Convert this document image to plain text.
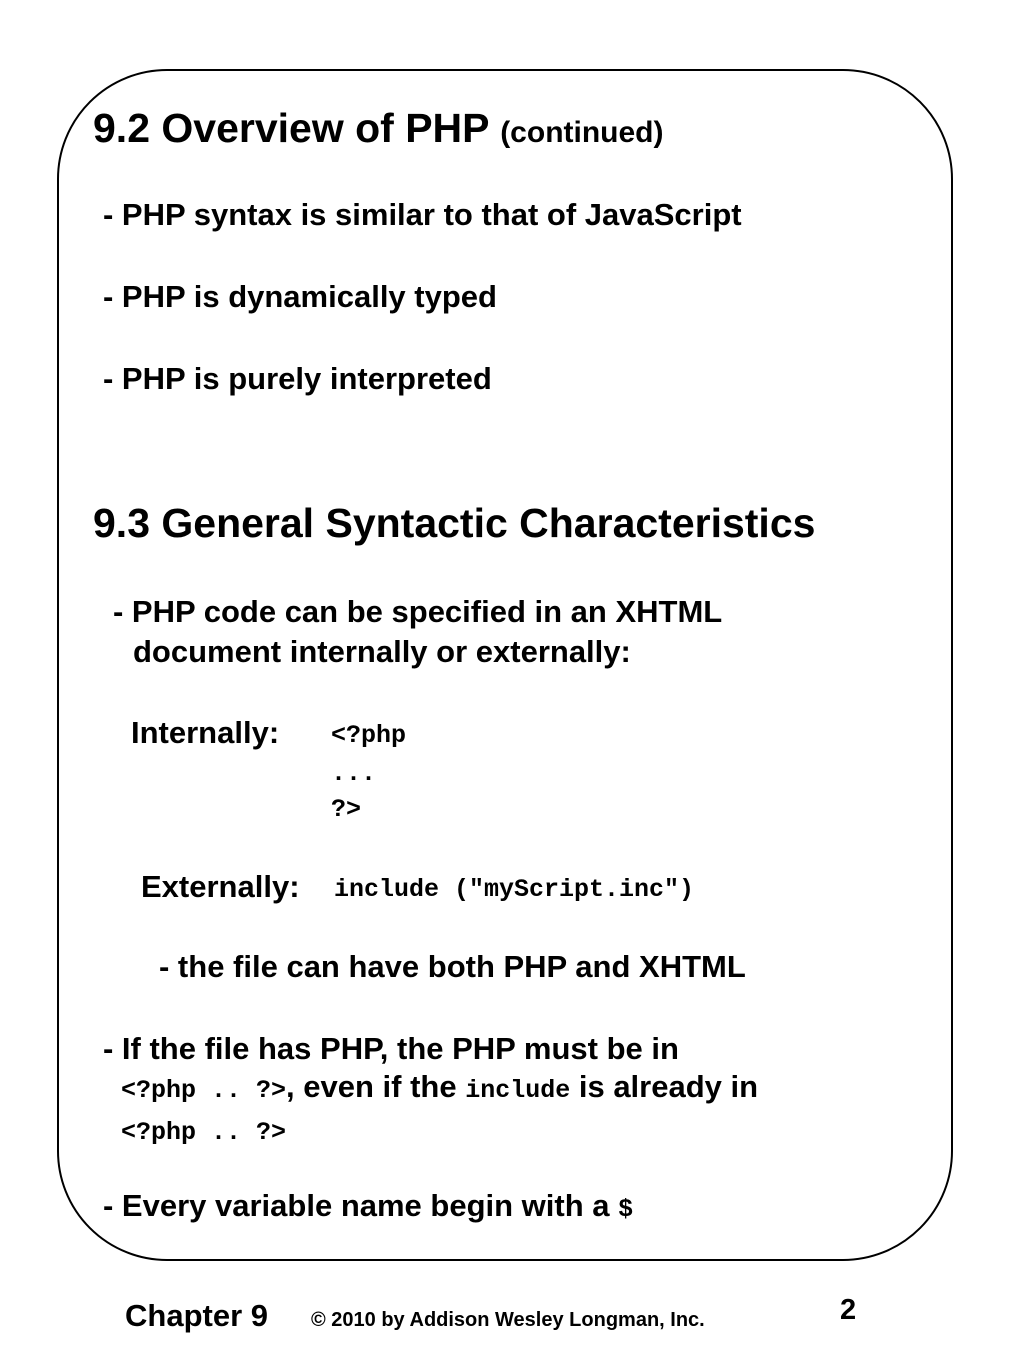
9.2 Overview of PHP (continued)
- PHP syntax is similar to that of JavaScript
- PHP is dynamically typed
- PHP is purely interpreted
9.3 General Syntactic Characteristics
- PHP code can be specified in an XHTML
document internally or externally:
Internally: <?php
...
?>
Externally: include ("myScript.inc")
- the file can have both PHP and XHTML
- If the file has PHP, the PHP must be in
<?php .. ?>, even if the include is already in
<?php .. ?>
- Every variable name begin with a $
Chapter 9 © 2010 by Addison Wesley Longman, Inc.	2
